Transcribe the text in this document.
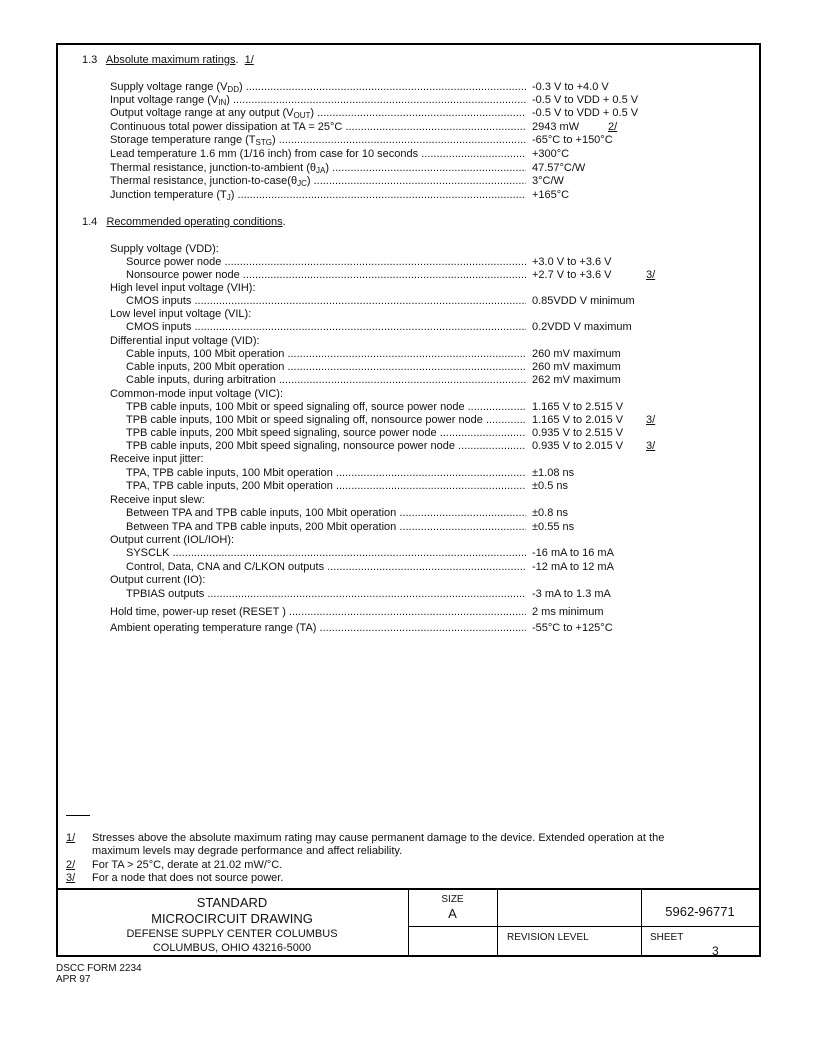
1.3 Absolute maximum ratings.  1/
Supply voltage range $(V_{DD})$ .....	-0.3 V to +4.0 V
Input voltage range $(V_{IN})$ .....	-0.5 V to VDD + 0.5 V
Output voltage range at any output $(V_{OUT})$ .....	-0.5 V to VDD + 0.5 V
Continuous total power dissipation at TA = 25°C .....	2943 mW	2/
Storage temperature range $(T_{STG})$ .....	-65°C to +150°C
Lead temperature 1.6 mm (1/16 inch) from case for 10 seconds .....	+300°C
Thermal resistance, junction-to-ambient $(\theta_{JA})$ .....	47.57°C/W
Thermal resistance, junction-$to-case(\theta_{JC})$ .....	3°C/W
Junction temperature $(T_J)$ .....	+165°C
1.4 Recommended operating conditions.
Supply voltage (VDD):
Source power node .....	+3.0 V to +3.6 V
Nonsource power node .....	+2.7 V to +3.6 V	3/
High level input voltage (VIH):
CMOS inputs .....	0.85VDD V minimum
Low level input voltage (VIL):
CMOS inputs .....	0.2VDD V maximum
Differential input voltage (VID):
Cable inputs, 100 Mbit operation .....	260 mV maximum
Cable inputs, 200 Mbit operation .....	260 mV maximum
Cable inputs, during arbitration .....	262 mV maximum
Common-mode input voltage (VIC):
TPB cable inputs, 100 Mbit or speed signaling off, source power node .....	1.165 V to 2.515 V
TPB cable inputs, 100 Mbit or speed signaling off, nonsource power node .....	1.165 V to 2.015 V 3/
TPB cable inputs, 200 Mbit speed signaling, source power node .....	0.935 V to 2.515 V
TPB cable inputs, 200 Mbit speed signaling, nonsource power node .....	0.935 V to 2.015 V 3/
Receive input jitter:
TPA, TPB cable inputs, 100 Mbit operation .....	±1.08 ns
TPA, TPB cable inputs, 200 Mbit operation .....	±0.5 ns
Receive input slew:
Between TPA and TPB cable inputs, 100 Mbit operation .....	±0.8 ns
Between TPA and TPB cable inputs, 200 Mbit operation .....	±0.55 ns
Output current (IOL/IOH):
SYSCLK .....	-16 mA to 16 mA
Control, Data, CNA and C/LKON outputs .....	-12 mA to 12 mA
Output current (IO):
TPBIAS outputs .....	-3 mA to 1.3 mA
Hold time, power-up reset (RESET ) .....	2 ms minimum
Ambient operating temperature range (TA) .....	-55°C to +125°C
1/ Stresses above the absolute maximum rating may cause permanent damage to the device. Extended operation at the
maximum levels may degrade performance and affect reliability.
2/ For TA > 25°C, derate at 21.02 mW/°C.
3/ For a node that does not source power.
STANDARD
MICROCIRCUIT DRAWING
DEFENSE SUPPLY CENTER COLUMBUS
COLUMBUS, OHIO 43216-5000
SIZE
A	5962-96771
REVISION LEVEL	SHEET
3
DSCC FORM 2234
APR 97
